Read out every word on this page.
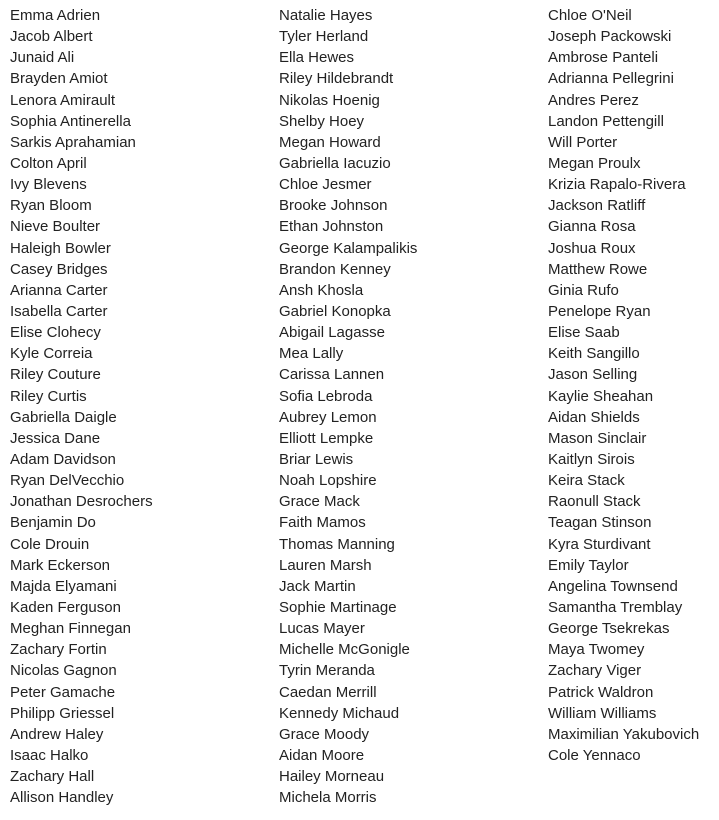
Emma Adrien
Jacob Albert
Junaid Ali
Brayden Amiot
Lenora Amirault
Sophia Antinerella
Sarkis Aprahamian
Colton April
Ivy Blevens
Ryan Bloom
Nieve Boulter
Haleigh Bowler
Casey Bridges
Arianna Carter
Isabella Carter
Elise Clohecy
Kyle Correia
Riley Couture
Riley Curtis
Gabriella Daigle
Jessica Dane
Adam Davidson
Ryan DelVecchio
Jonathan Desrochers
Benjamin Do
Cole Drouin
Mark Eckerson
Majda Elyamani
Kaden Ferguson
Meghan Finnegan
Zachary Fortin
Nicolas Gagnon
Peter Gamache
Philipp Griessel
Andrew Haley
Isaac Halko
Zachary Hall
Allison Handley
Natalie Hayes
Tyler Herland
Ella Hewes
Riley Hildebrandt
Nikolas Hoenig
Shelby Hoey
Megan Howard
Gabriella Iacuzio
Chloe Jesmer
Brooke Johnson
Ethan Johnston
George Kalampalikis
Brandon Kenney
Ansh Khosla
Gabriel Konopka
Abigail Lagasse
Mea Lally
Carissa Lannen
Sofia Lebroda
Aubrey Lemon
Elliott Lempke
Briar Lewis
Noah Lopshire
Grace Mack
Faith Mamos
Thomas Manning
Lauren Marsh
Jack Martin
Sophie Martinage
Lucas Mayer
Michelle McGonigle
Tyrin Meranda
Caedan Merrill
Kennedy Michaud
Grace Moody
Aidan Moore
Hailey Morneau
Michela Morris
Chloe O'Neil
Joseph Packowski
Ambrose Panteli
Adrianna Pellegrini
Andres Perez
Landon Pettengill
Will Porter
Megan Proulx
Krizia Rapalo-Rivera
Jackson Ratliff
Gianna Rosa
Joshua Roux
Matthew Rowe
Ginia Rufo
Penelope Ryan
Elise Saab
Keith Sangillo
Jason Selling
Kaylie Sheahan
Aidan Shields
Mason Sinclair
Kaitlyn Sirois
Keira Stack
Raonull Stack
Teagan Stinson
Kyra Sturdivant
Emily Taylor
Angelina Townsend
Samantha Tremblay
George Tsekrekas
Maya Twomey
Zachary Viger
Patrick Waldron
William Williams
Maximilian Yakubovich
Cole Yennaco
